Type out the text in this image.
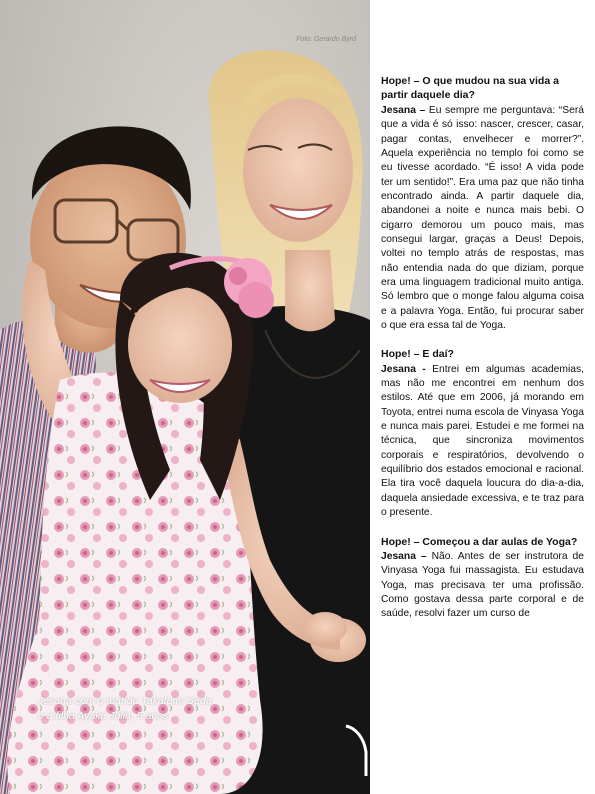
Foto: Gerardo Byrd
Jesana com o marido Takafumi Ueda
e a filha Ayaka Júlia, 5 anos

Hope! – O que mudou na sua vida a partir daquele dia?

Jesana – Eu sempre me perguntava: “Será que a vida é só isso: nascer, crescer, casar, pagar contas, envelhecer e morrer?”. Aquela experiência no templo foi como se eu tivesse acordado. “É isso! A vida pode ter um sentido!”. Era uma paz que não tinha encontrado ainda. A partir daquele dia, abandonei a noite e nunca mais bebi. O cigarro demorou um pouco mais, mas consegui largar, graças a Deus! Depois, voltei no templo atrás de respostas, mas não entendia nada do que diziam, porque era uma linguagem tradicional muito antiga. Só lembro que o monge falou alguma coisa e a palavra Yoga. Então, fui procurar saber o que era essa tal de Yoga.

Hope! – E daí?

Jesana - Entrei em algumas academias, mas não me encontrei em nenhum dos estilos. Até que em 2006, já morando em Toyota, entrei numa escola de Vinyasa Yoga e nunca mais parei. Estudei e me formei na técnica, que sincroniza movimentos corporais e respiratórios, devolvendo o equilíbrio dos estados emocional e racional. Ela tira você daquela loucura do dia-a-dia, daquela ansiedade excessiva, e te traz para o presente.

Hope! – Começou a dar aulas de Yoga?

Jesana – Não. Antes de ser instrutora de Vinyasa Yoga fui massagista. Eu estudava Yoga, mas precisava ter uma profissão. Como gostava dessa parte corporal e de saúde, resolvi fazer um curso de
